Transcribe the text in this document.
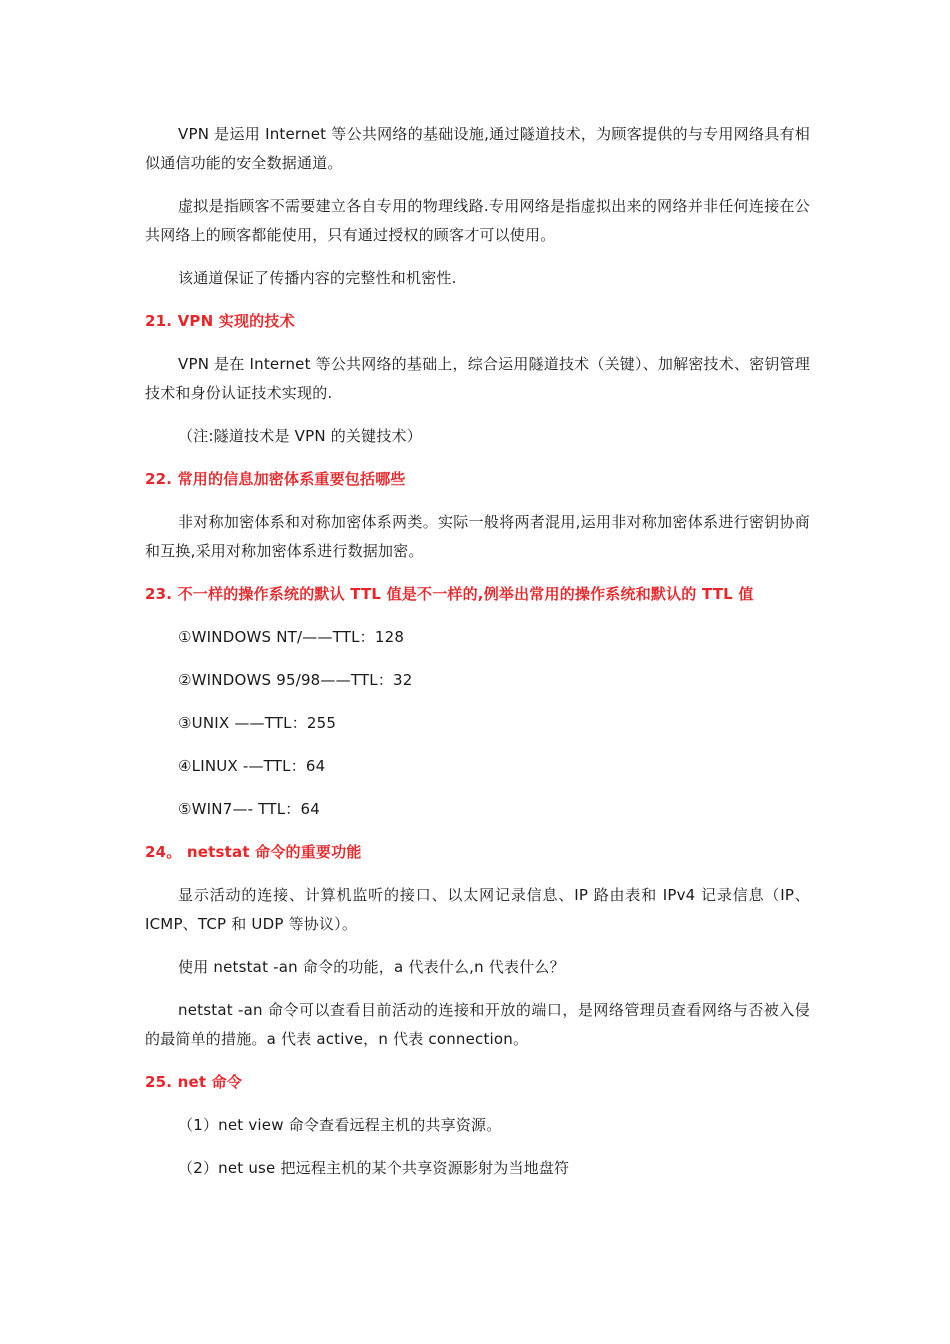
VPN 是运用 Internet 等公共网络的基础设施,通过隧道技术，为顾客提供的与专用网络具有相似通信功能的安全数据通道。

虚拟是指顾客不需要建立各自专用的物理线路.专用网络是指虚拟出来的网络并非任何连接在公共网络上的顾客都能使用，只有通过授权的顾客才可以使用。

该通道保证了传播内容的完整性和机密性.

21. VPN 实现的技术

VPN 是在 Internet 等公共网络的基础上，综合运用隧道技术（关键）、加解密技术、密钥管理技术和身份认证技术实现的.

（注:隧道技术是 VPN 的关键技术）

22. 常用的信息加密体系重要包括哪些

非对称加密体系和对称加密体系两类。实际一般将两者混用,运用非对称加密体系进行密钥协商和互换,采用对称加密体系进行数据加密。

23. 不一样的操作系统的默认 TTL 值是不一样的,例举出常用的操作系统和默认的 TTL 值

①WINDOWS NT/——TTL：128

②WINDOWS 95/98——TTL：32

③UNIX ——TTL：255

④LINUX -—TTL：64

⑤WIN7—- TTL：64

24。 netstat 命令的重要功能

显示活动的连接、计算机监听的接口、以太网记录信息、IP 路由表和 IPv4 记录信息（IP、ICMP、TCP 和 UDP 等协议）。

使用 netstat -an 命令的功能，a 代表什么,n 代表什么？

netstat -an 命令可以查看目前活动的连接和开放的端口，是网络管理员查看网络与否被入侵的最简单的措施。a 代表 active，n 代表 connection。

25. net 命令

（1）net view 命令查看远程主机的共享资源。

（2）net use 把远程主机的某个共享资源影射为当地盘符
